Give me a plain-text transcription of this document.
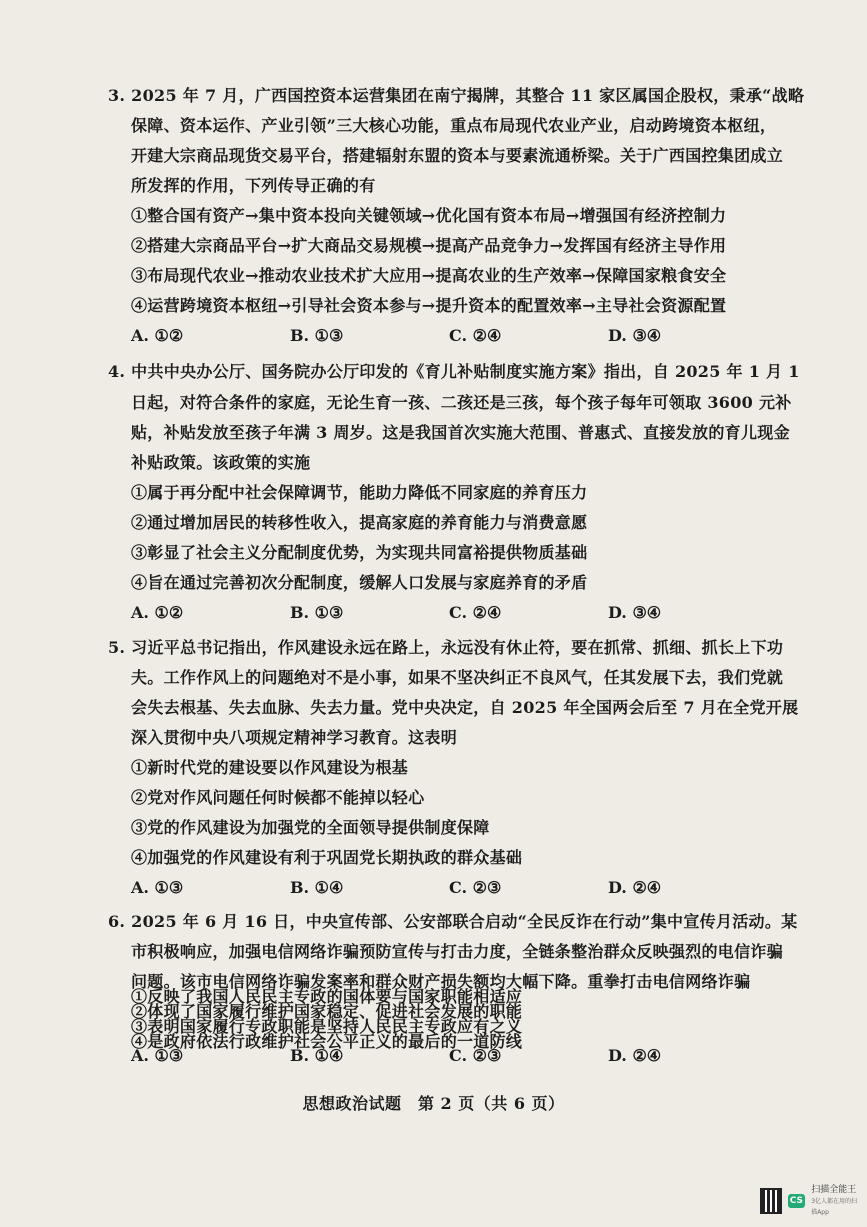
3. 2025 年 7 月，广西国控资本运营集团在南宁揭牌，其整合 11 家区属国企股权，秉承“战略
保障、资本运作、产业引领”三大核心功能，重点布局现代农业产业，启动跨境资本枢纽，
开建大宗商品现货交易平台，搭建辐射东盟的资本与要素流通桥梁。关于广西国控集团成立
所发挥的作用，下列传导正确的有
①整合国有资产→集中资本投向关键领域→优化国有资本布局→增强国有经济控制力
②搭建大宗商品平台→扩大商品交易规模→提高产品竞争力→发挥国有经济主导作用
③布局现代农业→推动农业技术扩大应用→提高农业的生产效率→保障国家粮食安全
④运营跨境资本枢纽→引导社会资本参与→提升资本的配置效率→主导社会资源配置
A. ①②	B. ①③	C. ②④	D. ③④
4. 中共中央办公厅、国务院办公厅印发的《育儿补贴制度实施方案》指出，自 2025 年 1 月 1
日起，对符合条件的家庭，无论生育一孩、二孩还是三孩，每个孩子每年可领取 3600 元补
贴，补贴发放至孩子年满 3 周岁。这是我国首次实施大范围、普惠式、直接发放的育儿现金
补贴政策。该政策的实施
①属于再分配中社会保障调节，能助力降低不同家庭的养育压力
②通过增加居民的转移性收入，提高家庭的养育能力与消费意愿
③彰显了社会主义分配制度优势，为实现共同富裕提供物质基础
④旨在通过完善初次分配制度，缓解人口发展与家庭养育的矛盾
A. ①②	B. ①③	C. ②④	D. ③④
5. 习近平总书记指出，作风建设永远在路上，永远没有休止符，要在抓常、抓细、抓长上下功
夫。工作作风上的问题绝对不是小事，如果不坚决纠正不良风气，任其发展下去，我们党就
会失去根基、失去血脉、失去力量。党中央决定，自 2025 年全国两会后至 7 月在全党开展
深入贯彻中央八项规定精神学习教育。这表明
①新时代党的建设要以作风建设为根基
②党对作风问题任何时候都不能掉以轻心
③党的作风建设为加强党的全面领导提供制度保障
④加强党的作风建设有利于巩固党长期执政的群众基础
A. ①③	B. ①④	C. ②③	D. ②④
6. 2025 年 6 月 16 日，中央宣传部、公安部联合启动“全民反诈在行动”集中宣传月活动。某
市积极响应，加强电信网络诈骗预防宣传与打击力度，全链条整治群众反映强烈的电信诈骗
问题。该市电信网络诈骗发案率和群众财产损失额均大幅下降。重拳打击电信网络诈骗
①反映了我国人民民主专政的国体要与国家职能相适应
②体现了国家履行维护国家稳定、促进社会发展的职能
③表明国家履行专政职能是坚持人民民主专政应有之义
④是政府依法行政维护社会公平正义的最后的一道防线
A. ①③	B. ①④	C. ②③	D. ②④
思想政治试题　第 2 页（共 6 页）
CS
扫描全能王
3亿人都在用的扫描App
